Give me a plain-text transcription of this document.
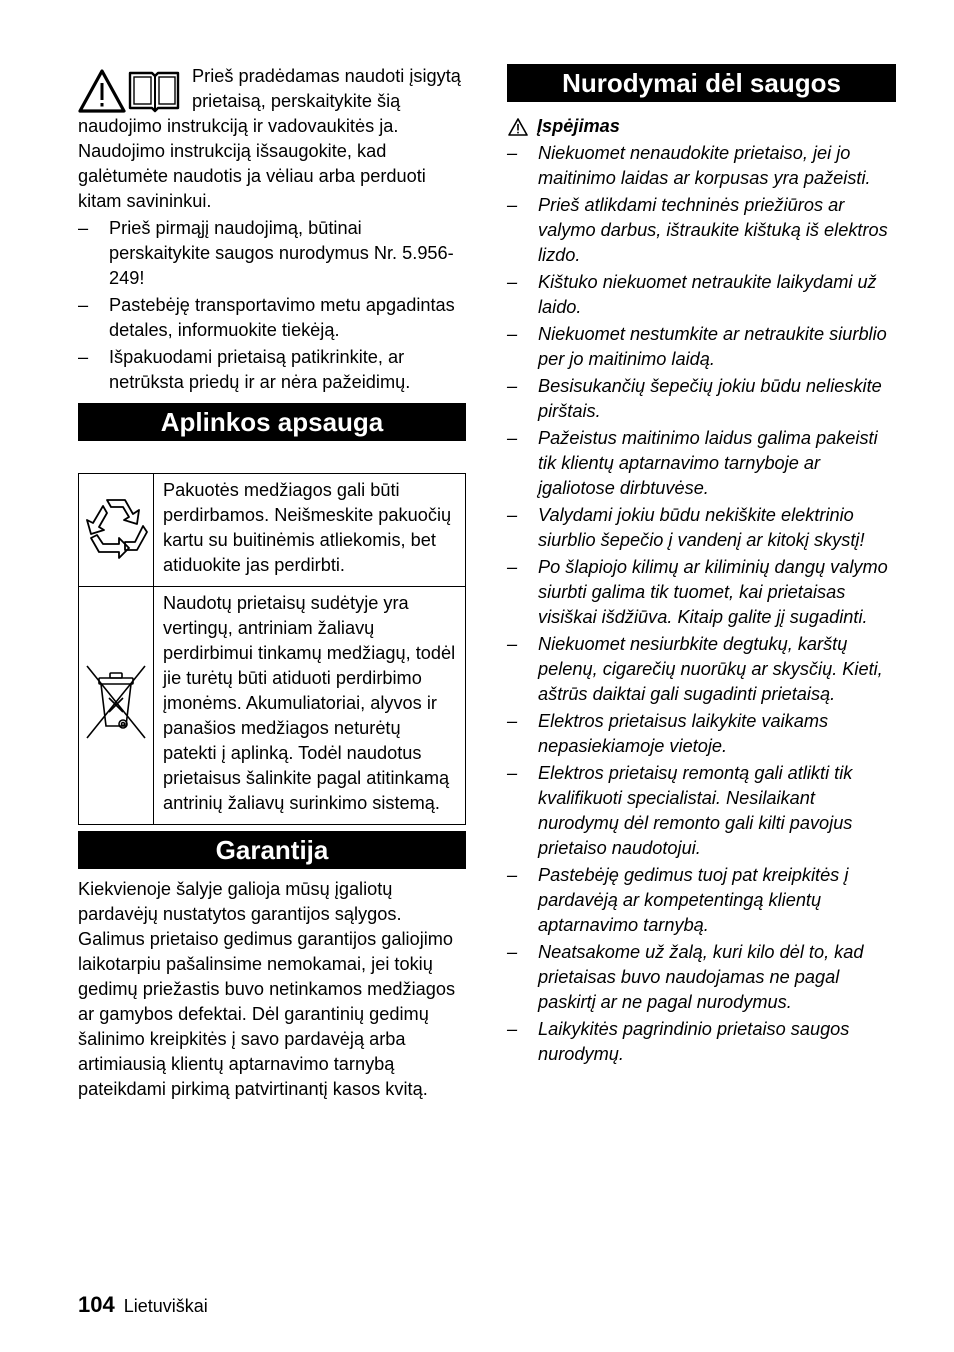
Prieš pradėdamas naudoti įsigytą prietaisą, perskaitykite šią naudojimo instrukciją ir vadovaukitės ja. Naudojimo instrukciją išsaugokite, kad galėtumėte naudotis ja vėliau arba perduoti kitam savininkui.

– Prieš pirmąjį naudojimą, būtinai perskaitykite saugos nurodymus Nr. 5.956-249!
– Pastebėję transportavimo metu apgadintas detales, informuokite tiekėją.
– Išpakuodami prietaisą patikrinkite, ar netrūksta priedų ir ar nėra pažeidimų.
Aplinkos apsauga
	Pakuotės medžiagos gali būti perdirbamos. Neišmeskite pakuočių kartu su buitinėmis atliekomis, bet atiduokite jas perdirbti.
	Naudotų prietaisų sudėtyje yra vertingų, antriniam žaliavų perdirbimui tinkamų medžiagų, todėl jie turėtų būti atiduoti perdirbimo įmonėms. Akumuliatoriai, alyvos ir panašios medžiagos neturėtų patekti į aplinką. Todėl naudotus prietaisus šalinkite pagal atitinkamą antrinių žaliavų surinkimo sistemą.
Garantija

Kiekvienoje šalyje galioja mūsų įgaliotų pardavėjų nustatytos garantijos sąlygos. Galimus prietaiso gedimus garantijos galiojimo laikotarpiu pašalinsime nemokamai, jei tokių gedimų priežastis buvo netinkamos medžiagos ar gamybos defektai. Dėl garantinių gedimų šalinimo kreipkitės į savo pardavėją arba artimiausią klientų aptarnavimo tarnybą pateikdami pirkimą patvirtinantį kasos kvitą.

Nurodymai dėl saugos
Įspėjimas
– Niekuomet nenaudokite prietaiso, jei jo maitinimo laidas ar korpusas yra pažeisti.
– Prieš atlikdami techninės priežiūros ar valymo darbus, ištraukite kištuką iš elektros lizdo.
– Kištuko niekuomet netraukite laikydami už laido.
– Niekuomet nestumkite ar netraukite siurblio per jo maitinimo laidą.
– Besisukančių šepečių jokiu būdu nelieskite pirštais.
– Pažeistus maitinimo laidus galima pakeisti tik klientų aptarnavimo tarnyboje ar įgaliotose dirbtuvėse.
– Valydami jokiu būdu nekiškite elektrinio siurblio šepečio į vandenį ar kitokį skystį!
– Po šlapiojo kilimų ar kiliminių dangų valymo siurbti galima tik tuomet, kai prietaisas visiškai išdžiūva. Kitaip galite jį sugadinti.
– Niekuomet nesiurbkite degtukų, karštų pelenų, cigarečių nuorūkų ar skysčių. Kieti, aštrūs daiktai gali sugadinti prietaisą.
– Elektros prietaisus laikykite vaikams nepasiekiamoje vietoje.
– Elektros prietaisų remontą gali atlikti tik kvalifikuoti specialistai. Nesilaikant nurodymų dėl remonto gali kilti pavojus prietaiso naudotojui.
– Pastebėję gedimus tuoj pat kreipkitės į pardavėją ar kompetentingą klientų aptarnavimo tarnybą.
– Neatsakome už žalą, kuri kilo dėl to, kad prietaisas buvo naudojamas ne pagal paskirtį ar ne pagal nurodymus.
– Laikykitės pagrindinio prietaiso saugos nurodymų.
104 Lietuviškai
